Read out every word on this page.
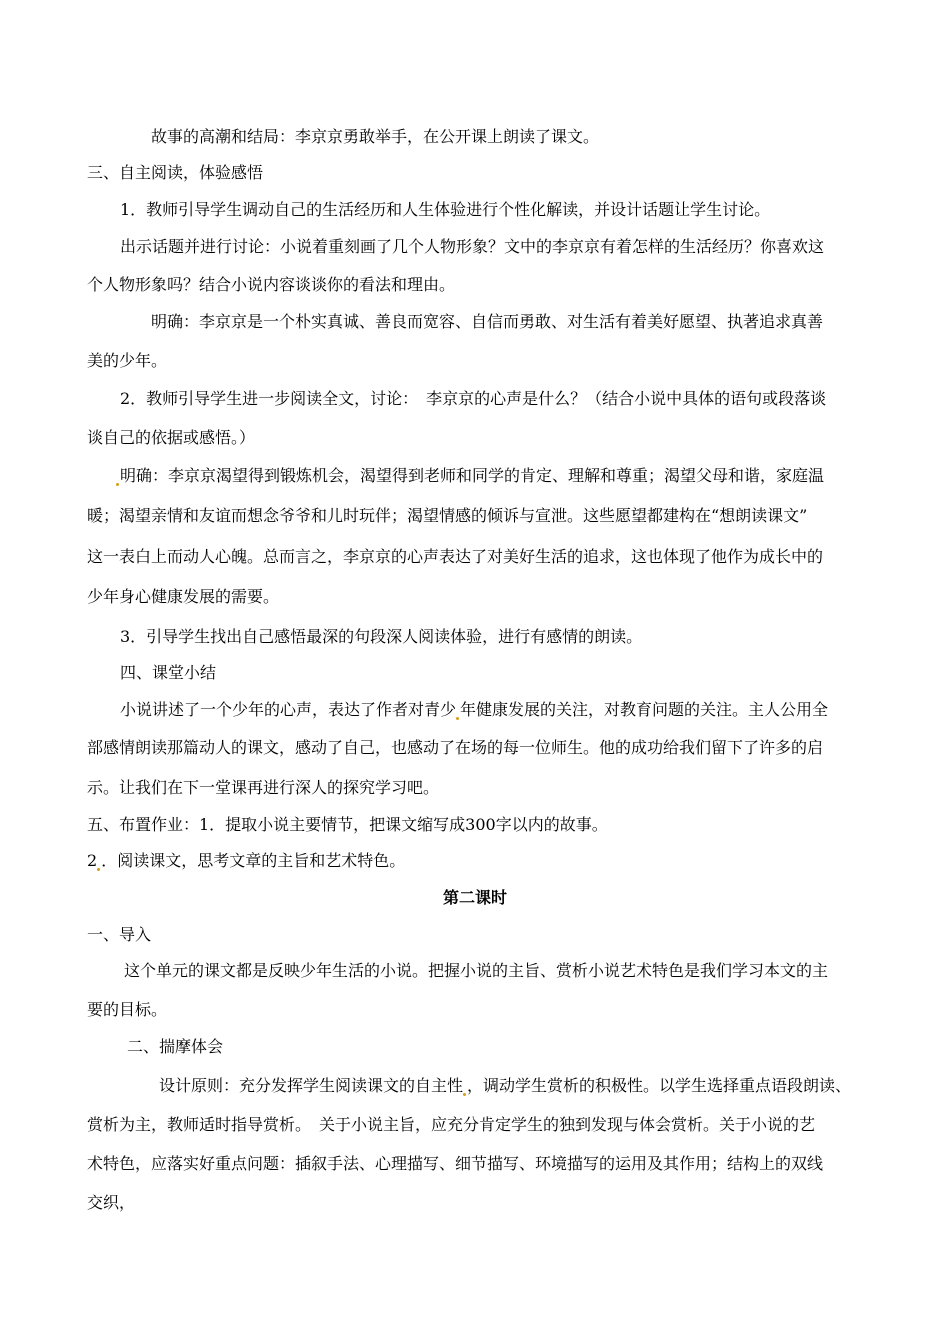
故事的高潮和结局：李京京勇敢举手，在公开课上朗读了课文。
三、自主阅读，体验感悟
1．教师引导学生调动自己的生活经历和人生体验进行个性化解读，并设计话题让学生讨论。
出示话题并进行讨论：小说着重刻画了几个人物形象？文中的李京京有着怎样的生活经历？你喜欢这
个人物形象吗？结合小说内容谈谈你的看法和理由。
明确：李京京是一个朴实真诚、善良而宽容、自信而勇敢、对生活有着美好愿望、执著追求真善
美的少年。
2．教师引导学生进一步阅读全文，讨论：　李京京的心声是什么？（结合小说中具体的语句或段落谈
谈自己的依据或感悟。）
明确：李京京渴望得到锻炼机会，渴望得到老师和同学的肯定、理解和尊重；渴望父母和谐，家庭温
暖；渴望亲情和友谊而想念爷爷和儿时玩伴；渴望情感的倾诉与宣泄。这些愿望都建构在“想朗读课文”
这一表白上而动人心魄。总而言之，李京京的心声表达了对美好生活的追求，这也体现了他作为成长中的
少年身心健康发展的需要。
3．引导学生找出自己感悟最深的句段深人阅读体验，进行有感情的朗读。
四、课堂小结
小说讲述了一个少年的心声，表达了作者对青少 年健康发展的关注，对教育问题的关注。主人公用全
部感情朗读那篇动人的课文，感动了自己，也感动了在场的每一位师生。他的成功给我们留下了许多的启
示。让我们在下一堂课再进行深人的探究学习吧。
五、布置作业：1．提取小说主要情节，把课文缩写成300字以内的故事。
2 ．阅读课文，思考文章的主旨和艺术特色。
第二课时
一、导入
这个单元的课文都是反映少年生活的小说。把握小说的主旨、赏析小说艺术特色是我们学习本文的主
要的目标。
二、揣摩体会
设计原则：充分发挥学生阅读课文的自主性 ，调动学生赏析的积极性。以学生选择重点语段朗读、
赏析为主，教师适时指导赏析。　关于小说主旨，应充分肯定学生的独到发现与体会赏析。关于小说的艺
术特色，应落实好重点问题：插叙手法、心理描写、细节描写、环境描写的运用及其作用；结构上的双线
交织，
